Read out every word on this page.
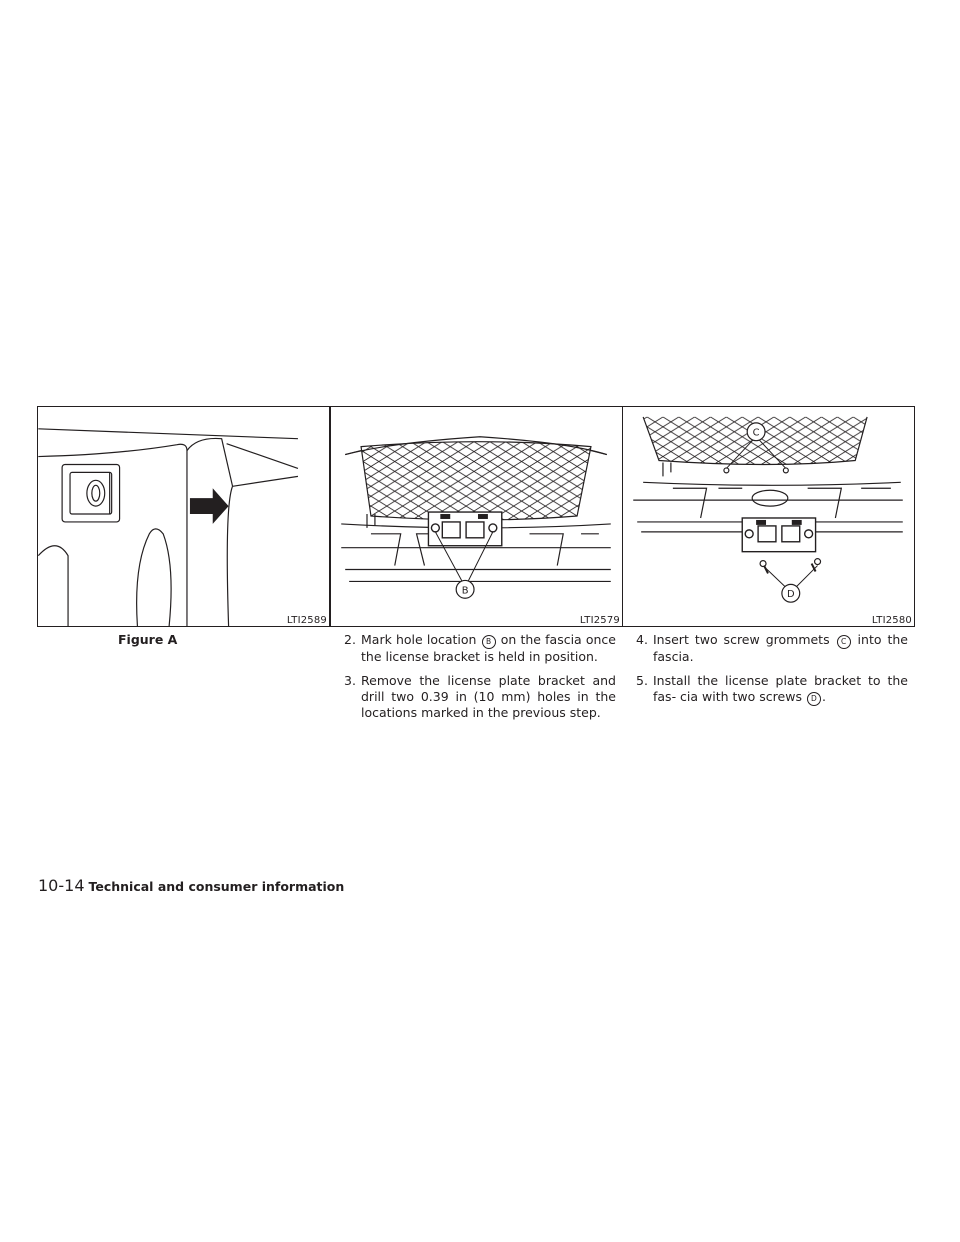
LTI2589
B
LTI2579
C
D
LTI2580
Figure A	2. Mark hole location B on the fascia once the license bracket is held in position.

3. Remove the license plate bracket and drill two 0.39 in (10 mm) holes in the locations marked in the previous step.

4. Insert two screw grommets C into the fascia.

5. Install the license plate bracket to the fas- cia with two screws D .

10-14 Technical and consumer information
